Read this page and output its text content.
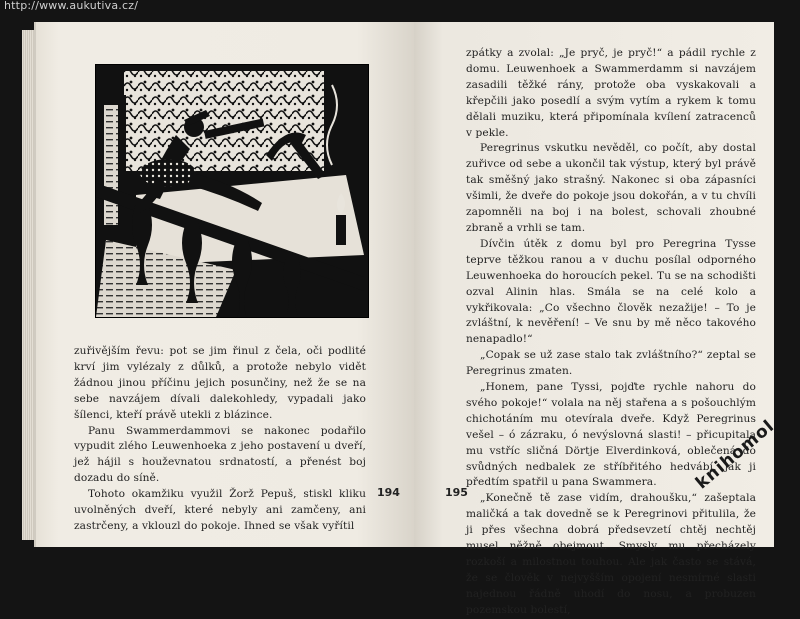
http://www.aukutiva.cz/

zuřivějším řevu: pot se jim řinul z čela, oči podlité krví jim vylézaly z důlků, a protože nebylo vidět žádnou jinou příčinu jejich posunčiny, než že se na sebe navzájem dívali dalekohledy, vypadali jako šílenci, kteří právě utekli z blázince.

Panu Swammerdammovi se nakonec podařilo vypudit zlého Leuwenhoeka z jeho postavení u dveří, jež hájil s houževnatou srdnatostí, a přenést boj dozadu do síně.

Tohoto okamžiku využil Žorž Pepuš, stiskl kliku uvolněných dveří, které nebyly ani zamčeny, ani zastrčeny, a vklouzl do pokoje. Ihned se však vyřítil

194

zpátky a zvolal: „Je pryč, je pryč!“ a pádil rychle z domu. Leuwenhoek a Swammerdamm si navzájem zasadili těžké rány, protože oba vyskakovali a křepčili jako posedlí a svým vytím a rykem k tomu dělali muziku, která připomínala kvílení zatracenců v pekle.

Peregrinus vskutku nevěděl, co počít, aby dostal zuřivce od sebe a ukončil tak výstup, který byl právě tak směšný jako strašný. Nakonec si oba zápasníci všimli, že dveře do pokoje jsou dokořán, a v tu chvíli zapomněli na boj i na bolest, schovali zhoubné zbraně a vrhli se tam.

Dívčin útěk z domu byl pro Peregrina Tysse teprve těžkou ranou a v duchu posílal odporného Leuwenhoeka do horoucích pekel. Tu se na schodišti ozval Alinin hlas. Smála se na celé kolo a vykřikovala: „Co všechno člověk nezažije! – To je zvláštní, k nevěření! – Ve snu by mě něco takového nenapadlo!“

„Copak se už zase stalo tak zvláštního?“ zeptal se Peregrinus zmaten.

„Honem, pane Tyssi, pojďte rychle nahoru do svého pokoje!“ volala na něj stařena a s pošouchlým chichotáním mu otevírala dveře. Když Peregrinus vešel – ó zázraku, ó nevýslovná slasti! – přicupitala mu vstříc sličná Dörtje Elverdinková, oblečená do svůdných nedbalek ze stříbřitého hedvábí, jak ji předtím spatřil u pana Swammera.

„Konečně tě zase vidím, drahoušku,“ zašeptala maličká a tak dovedně se k Peregrinovi přitulila, že ji přes všechna dobrá předsevzetí chtěj nechtěj musel něžně obejmout. Smysly mu přecházely rozkoší a milostnou touhou. Ale jak často se stává, že se člověk v nejvyšším opojení nesmírné slasti najednou řádně uhodí do nosu, a probuzen pozemskou bolestí,

195	knihomol
